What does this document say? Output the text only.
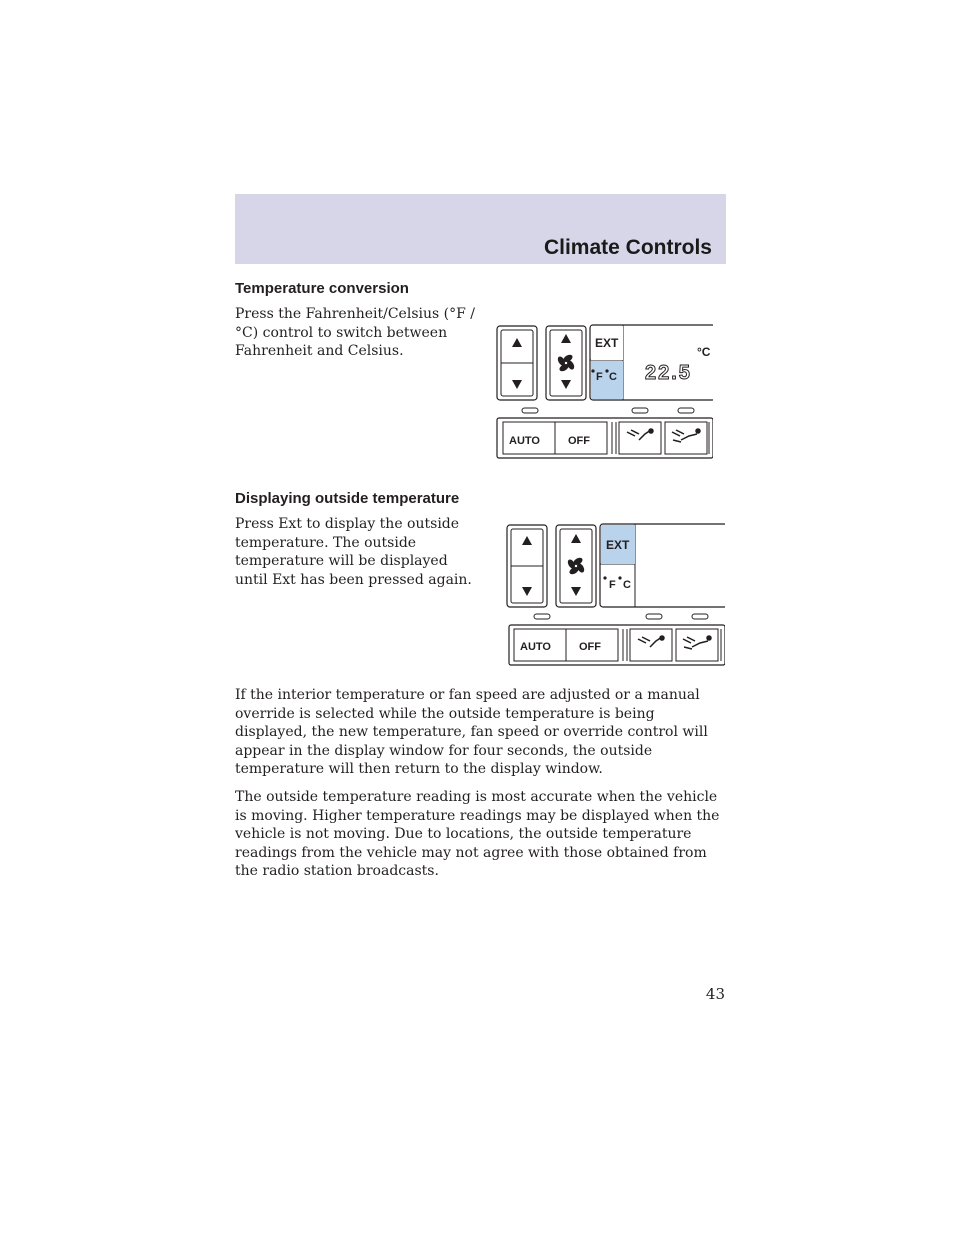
Climate Controls
Temperature conversion
Press the Fahrenheit/Celsius (°F /°C) control to switch between Fahrenheit and Celsius.
EXT
F C 22.5
°C
AUTO	OFF
Displaying outside temperature
Press Ext to display the outside temperature. The outside temperature will be displayed until Ext has been pressed again.
EXT
F C
AUTO	OFF
If the interior temperature or fan speed are adjusted or a manual override is selected while the outside temperature is being displayed, the new temperature, fan speed or override control will appear in the display window for four seconds, the outside temperature will then return to the display window.
The outside temperature reading is most accurate when the vehicle is moving. Higher temperature readings may be displayed when the vehicle is not moving. Due to locations, the outside temperature readings from the vehicle may not agree with those obtained from the radio station broadcasts.
43
